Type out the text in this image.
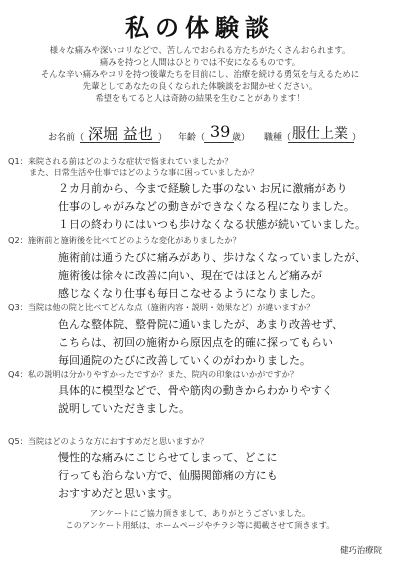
私の体験談
様々な痛みや深いコリなどで、苦しんでおられる方たちがたくさんおられます。
痛みを持つと人間はひとりでは不安になるものです。
そんな辛い痛みやコリを持つ後輩たちを目前にし、治療を続ける勇気を与えるために
先輩としてあなたの良くなられた体験談をお聞かせください。
希望をもてると人は奇跡の結果を生むことがあります！
お名前（ 深堀 益也 ） 年齢（ 39 歳） 職種（ 服仕上業 ）
Q1：来院される前はどのような症状で悩まれていましたか？
また、日常生活や仕事ではどのような事に困っていましたか？
２カ月前から、今まで経験した事のない お尻に激痛があり
仕事のしゃがみなどの動きができなくなる程になりました。
１日の終わりにはいつも歩けなくなる状態が続いていました。
Q2：施術前と施術後を比べてどのような変化がありましたか？
施術前は通うたびに痛みがあり、歩けなくなっていましたが、
施術後は徐々に改善に向い、現在ではほとんど痛みが
感じなくなり仕事も毎日こなせるようになりました。
Q3：当院は他の院と比べてどんな点（施術内容・説明・効果など）が違いますか？
色んな整体院、整骨院に通いましたが、あまり改善せず、
こちらは、初回の施術から原因点を的確に探ってもらい
毎回通院のたびに改善していくのがわかりました。
Q4：私の説明は分かりやすかったですか？また、院内の印象はいかがですか？
具体的に模型などで、骨や筋肉の動きからわかりやすく
説明していただきました。
Q5：当院はどのような方におすすめだと思いますか？
慢性的な痛みにこじらせてしまって、どこに
行っても治らない方で、仙腸関節痛の方にも
おすすめだと思います。
アンケートにご協力頂きまして、ありがとうございました。
このアンケート用紙は、ホームページやチラシ等に掲載させて頂きます。
健巧治療院
